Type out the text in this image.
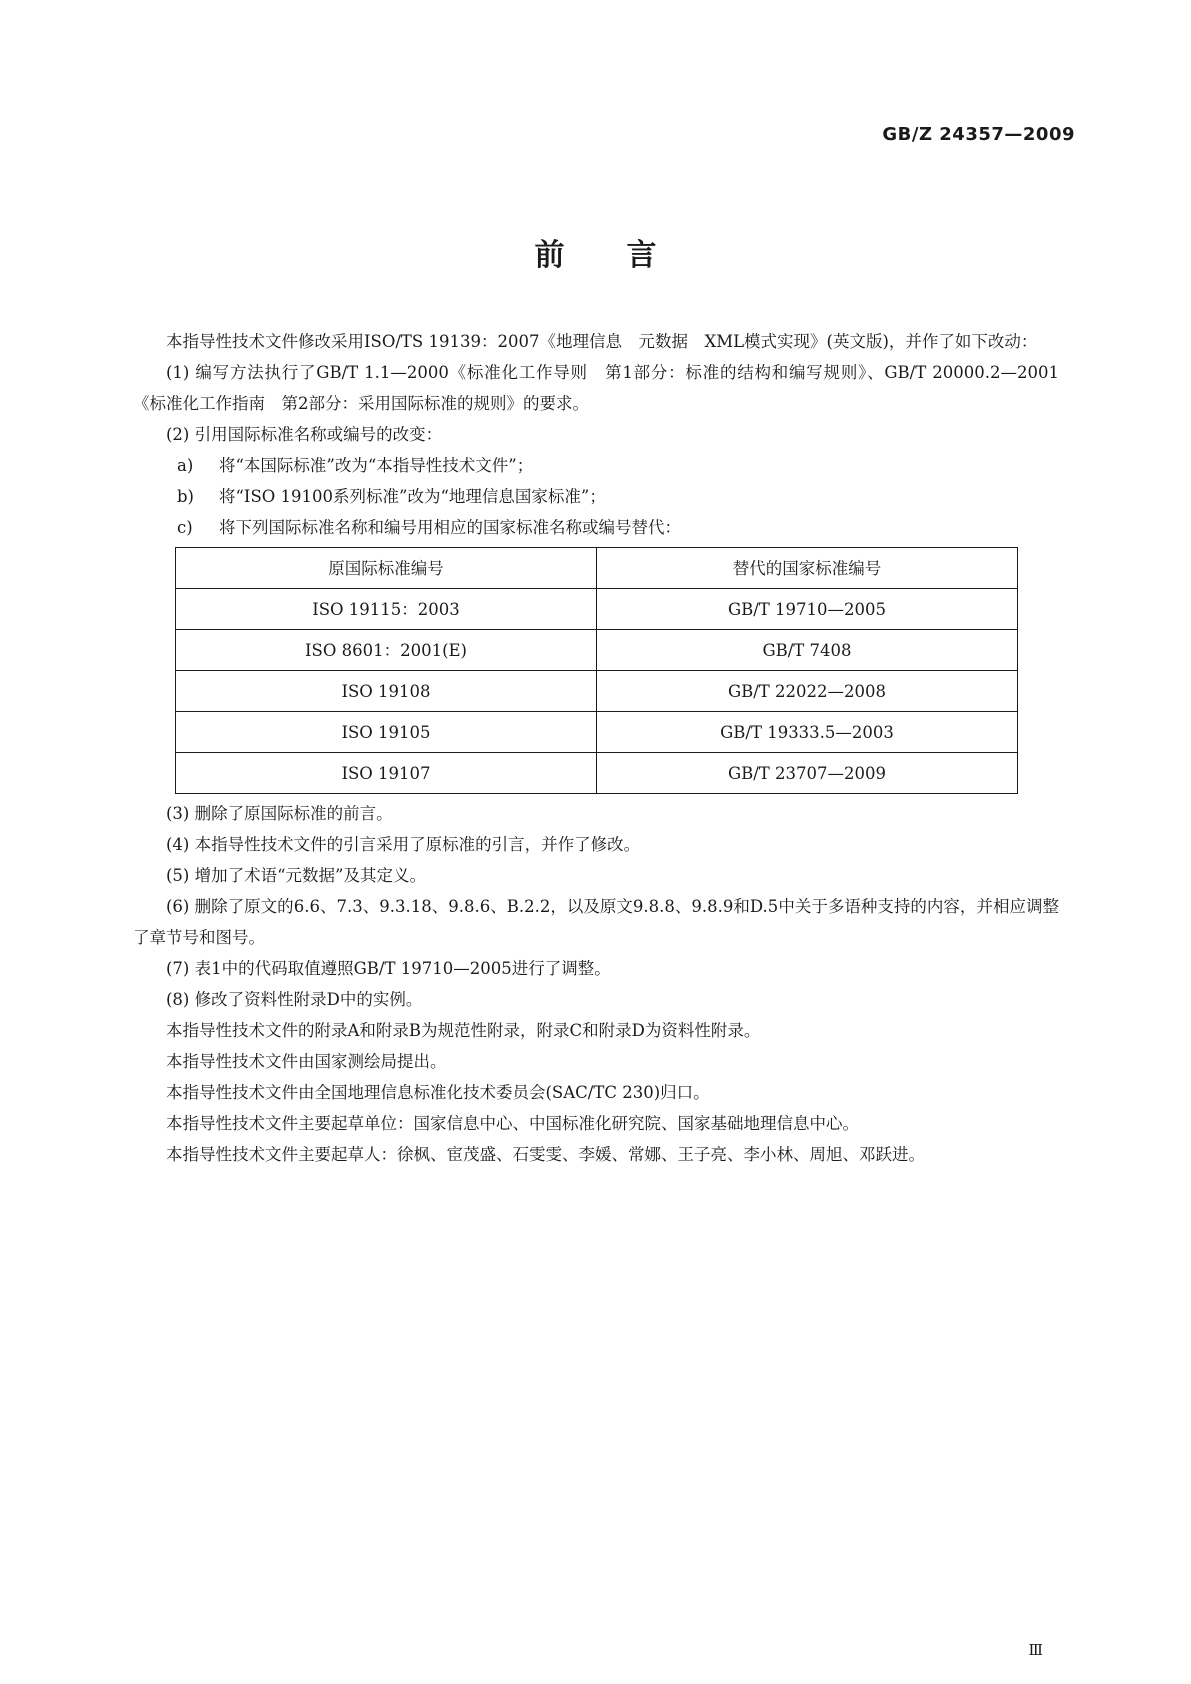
GB/Z 24357—2009
前言

本指导性技术文件修改采用ISO/TS 19139：2007《地理信息　元数据　XML模式实现》(英文版)，并作了如下改动：

(1) 编写方法执行了GB/T 1.1—2000《标准化工作导则　第1部分：标准的结构和编写规则》、GB/T 20000.2—2001《标准化工作指南　第2部分：采用国际标准的规则》的要求。

(2) 引用国际标准名称或编号的改变：

a) 将“本国际标准”改为“本指导性技术文件”；

b) 将“ISO 19100系列标准”改为“地理信息国家标准”；

c) 将下列国际标准名称和编号用相应的国家标准名称或编号替代：

原国际标准编号	替代的国家标准编号
ISO 19115：2003	GB/T 19710—2005
ISO 8601：2001(E)	GB/T 7408
ISO 19108	GB/T 22022—2008
ISO 19105	GB/T 19333.5—2003
ISO 19107	GB/T 23707—2009

(3) 删除了原国际标准的前言。

(4) 本指导性技术文件的引言采用了原标准的引言，并作了修改。

(5) 增加了术语“元数据”及其定义。

(6) 删除了原文的6.6、7.3、9.3.18、9.8.6、B.2.2，以及原文9.8.8、9.8.9和D.5中关于多语种支持的内容，并相应调整了章节号和图号。

(7) 表1中的代码取值遵照GB/T 19710—2005进行了调整。

(8) 修改了资料性附录D中的实例。

本指导性技术文件的附录A和附录B为规范性附录，附录C和附录D为资料性附录。

本指导性技术文件由国家测绘局提出。

本指导性技术文件由全国地理信息标准化技术委员会(SAC/TC 230)归口。

本指导性技术文件主要起草单位：国家信息中心、中国标准化研究院、国家基础地理信息中心。

本指导性技术文件主要起草人：徐枫、宦茂盛、石雯雯、李媛、常娜、王子亮、李小林、周旭、邓跃进。

Ⅲ
